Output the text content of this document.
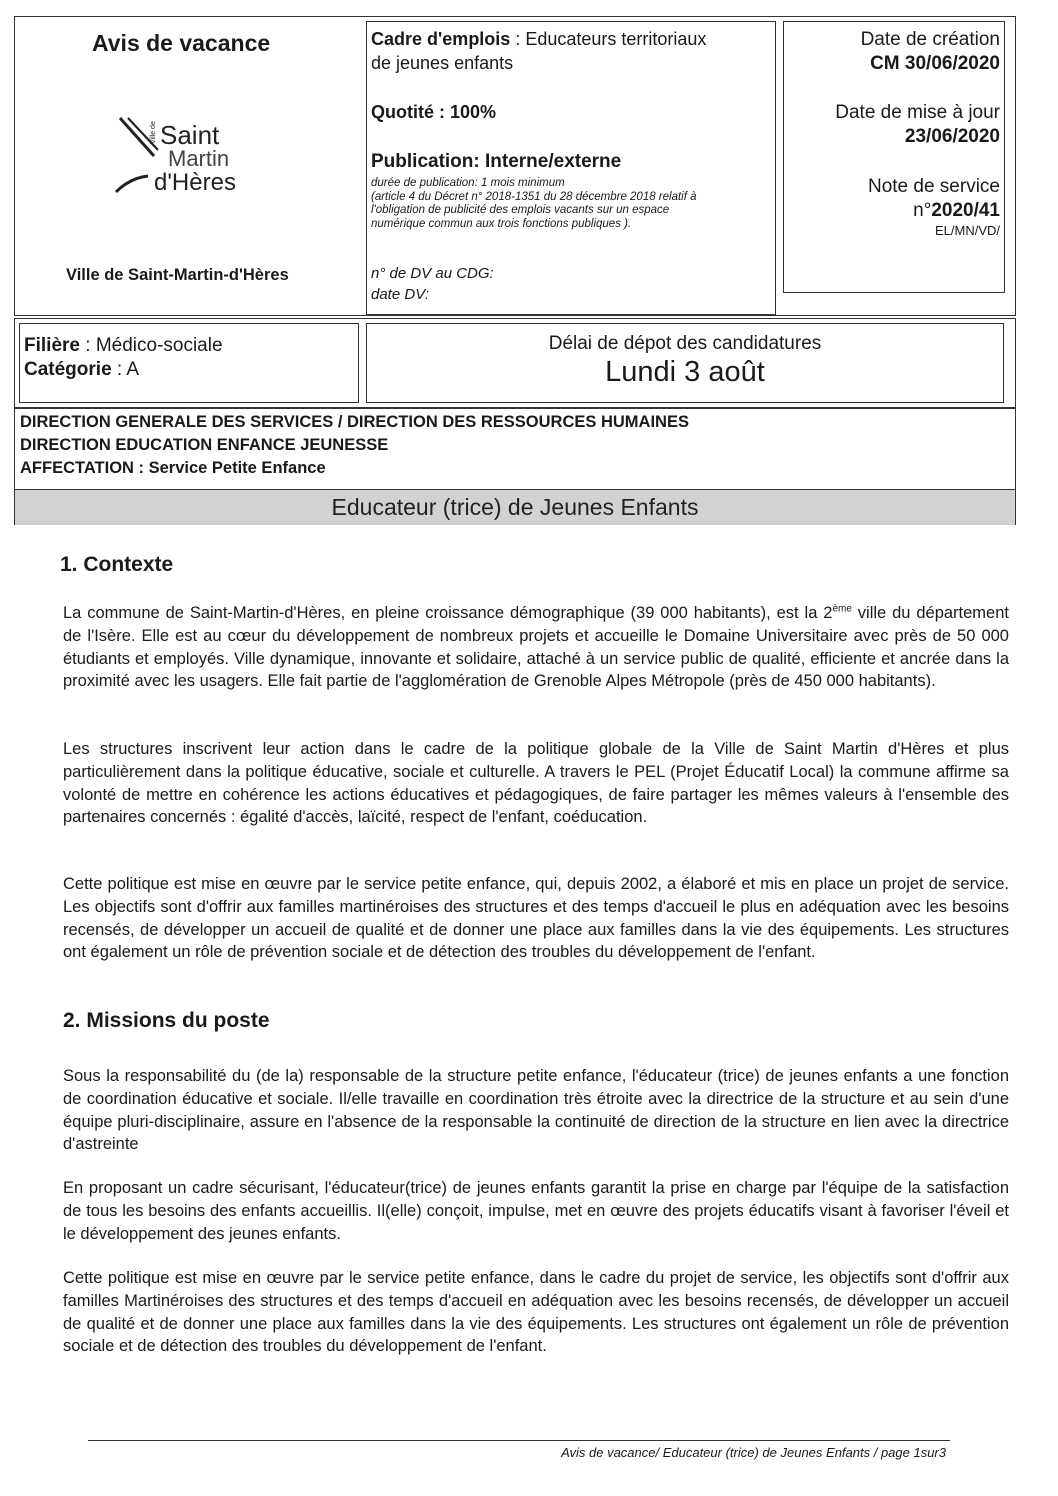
Avis de vacance
Ville de Saint
Martin
d'Hères
Ville de Saint-Martin-d'Hères
Cadre d'emplois : Educateurs territoriaux
de jeunes enfants
Quotité : 100%
Publication: Interne/externe

durée de publication: 1 mois minimum

(article 4 du Décret n° 2018-1351 du 28 décembre 2018 relatif à

l'obligation de publicité des emplois vacants sur un espace

numérique commun aux trois fonctions publiques ).

n° de DV au CDG:
date DV:
Date de création
CM 30/06/2020
Date de mise à jour
23/06/2020
Note de service
n°2020/41
EL/MN/VD/
Filière : Médico-sociale
Catégorie : A
Délai de dépot des candidatures
Lundi 3 août
DIRECTION GENERALE DES SERVICES / DIRECTION DES RESSOURCES HUMAINES
DIRECTION EDUCATION ENFANCE JEUNESSE
AFFECTATION : Service Petite Enfance
Educateur (trice) de Jeunes Enfants
1. Contexte

La commune de Saint-Martin-d'Hères, en pleine croissance démographique (39 000 habitants), est la 2ème ville du département de l'Isère. Elle est au cœur du développement de nombreux projets et accueille le Domaine Universitaire avec près de 50 000 étudiants et employés. Ville dynamique, innovante et solidaire, attaché à un service public de qualité, efficiente et ancrée dans la proximité avec les usagers. Elle fait partie de l'agglomération de Grenoble Alpes Métropole (près de 450 000 habitants).

Les structures inscrivent leur action dans le cadre de la politique globale de la Ville de Saint Martin d'Hères et plus particulièrement dans la politique éducative, sociale et culturelle. A travers le PEL (Projet Éducatif Local) la commune affirme sa volonté de mettre en cohérence les actions éducatives et pédagogiques, de faire partager les mêmes valeurs à l'ensemble des partenaires concernés : égalité d'accès, laïcité, respect de l'enfant, coéducation.

Cette politique est mise en œuvre par le service petite enfance, qui, depuis 2002, a élaboré et mis en place un projet de service. Les objectifs sont d'offrir aux familles martinéroises des structures et des temps d'accueil le plus en adéquation avec les besoins recensés, de développer un accueil de qualité et de donner une place aux familles dans la vie des équipements. Les structures ont également un rôle de prévention sociale et de détection des troubles du développement de l'enfant.

2. Missions du poste

Sous la responsabilité du (de la) responsable de la structure petite enfance, l'éducateur (trice) de jeunes enfants a une fonction de coordination éducative et sociale. Il/elle travaille en coordination très étroite avec la directrice de la structure et au sein d'une équipe pluri-disciplinaire, assure en l'absence de la responsable la continuité de direction de la structure en lien avec la directrice d'astreinte

En proposant un cadre sécurisant, l'éducateur(trice) de jeunes enfants garantit la prise en charge par l'équipe de la satisfaction de tous les besoins des enfants accueillis. Il(elle) conçoit, impulse, met en œuvre des projets éducatifs visant à favoriser l'éveil et le développement des jeunes enfants.

Cette politique est mise en œuvre par le service petite enfance, dans le cadre du projet de service, les objectifs sont d'offrir aux familles Martinéroises des structures et des temps d'accueil en adéquation avec les besoins recensés, de développer un accueil de qualité et de donner une place aux familles dans la vie des équipements. Les structures ont également un rôle de prévention sociale et de détection des troubles du développement de l'enfant.

Avis de vacance/ Educateur (trice) de Jeunes Enfants / page 1sur3
